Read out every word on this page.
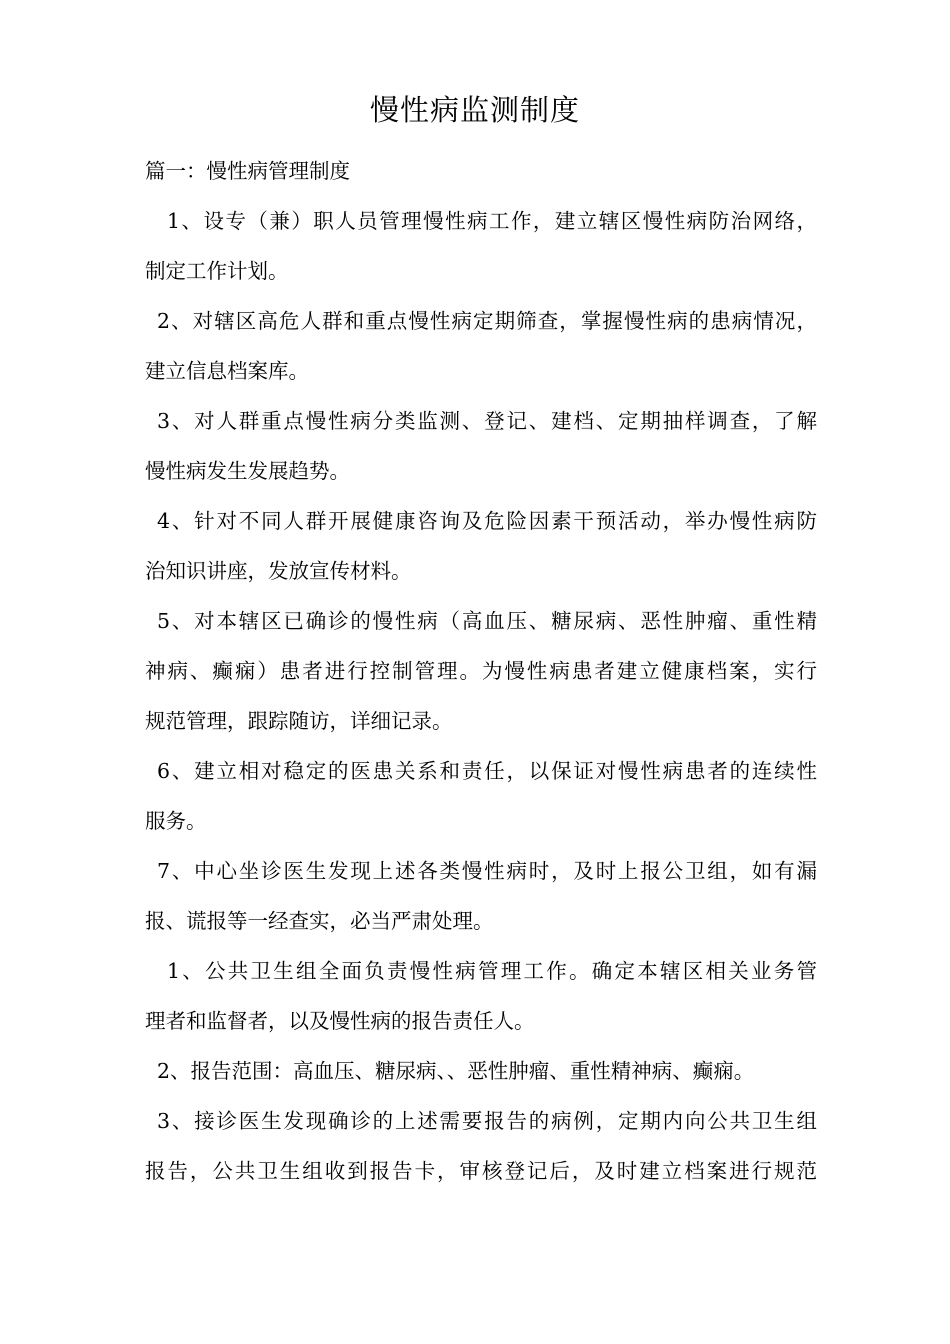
慢性病监测制度
篇一：慢性病管理制度
1、设专（兼）职人员管理慢性病工作，建立辖区慢性病防治网络，
制定工作计划。
2、对辖区高危人群和重点慢性病定期筛查，掌握慢性病的患病情况，
建立信息档案库。
3、对人群重点慢性病分类监测、登记、建档、定期抽样调查，了解
慢性病发生发展趋势。
4、针对不同人群开展健康咨询及危险因素干预活动，举办慢性病防
治知识讲座，发放宣传材料。
5、对本辖区已确诊的慢性病（高血压、糖尿病、恶性肿瘤、重性精
神病、癫痫）患者进行控制管理。为慢性病患者建立健康档案，实行
规范管理，跟踪随访，详细记录。
6、建立相对稳定的医患关系和责任，以保证对慢性病患者的连续性
服务。
7、中心坐诊医生发现上述各类慢性病时，及时上报公卫组，如有漏
报、谎报等一经查实，必当严肃处理。
1、公共卫生组全面负责慢性病管理工作。确定本辖区相关业务管
理者和监督者，以及慢性病的报告责任人。
2、报告范围：高血压、糖尿病、、恶性肿瘤、重性精神病、癫痫。
3、接诊医生发现确诊的上述需要报告的病例，定期内向公共卫生组
报告，公共卫生组收到报告卡，审核登记后，及时建立档案进行规范
